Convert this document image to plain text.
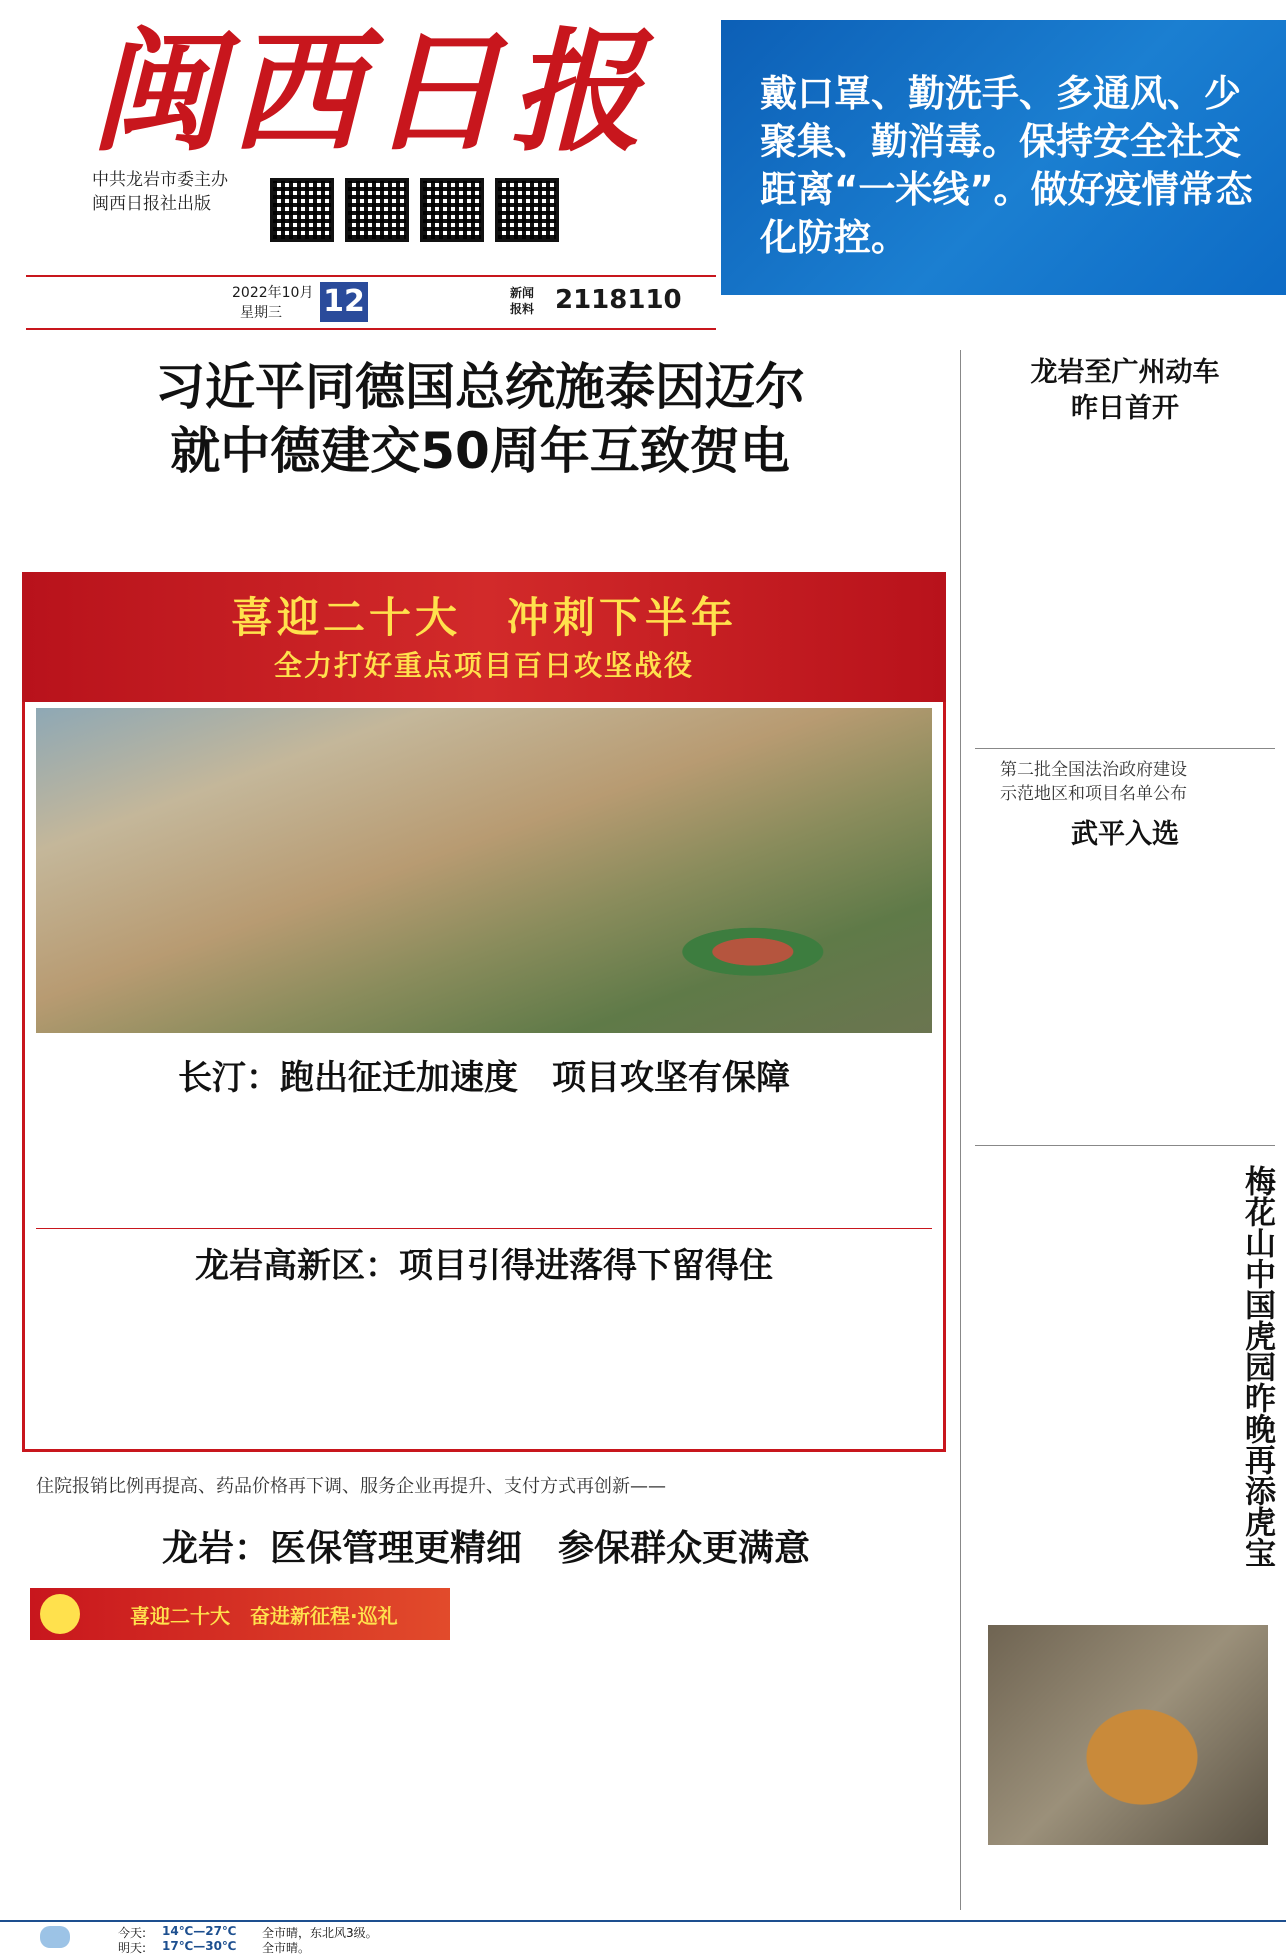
闽西日报
中共龙岩市委主办
闽西日报社出版
戴口罩、勤洗手、多通风、少聚集、勤消毒。保持安全社交距离“一米线”。做好疫情常态化防控。
2022年10月
星期三 12	新闻报料 2118110
习近平同德国总统施泰因迈尔
就中德建交50周年互致贺电
龙岩至广州动车
昨日首开
第二批全国法治政府建设
示范地区和项目名单公布
武平入选
梅花山中国虎园昨晚再添虎宝
喜迎二十大　冲刺下半年
全力打好重点项目百日攻坚战役
长汀：跑出征迁加速度　项目攻坚有保障
龙岩高新区：项目引得进落得下留得住
住院报销比例再提高、药品价格再下调、服务企业再提升、支付方式再创新——
龙岩：医保管理更精细　参保群众更满意
喜迎二十大　奋进新征程·巡礼
今天: 14℃—27℃ 全市晴，东北风3级。
明天: 17℃—30℃ 全市晴。
